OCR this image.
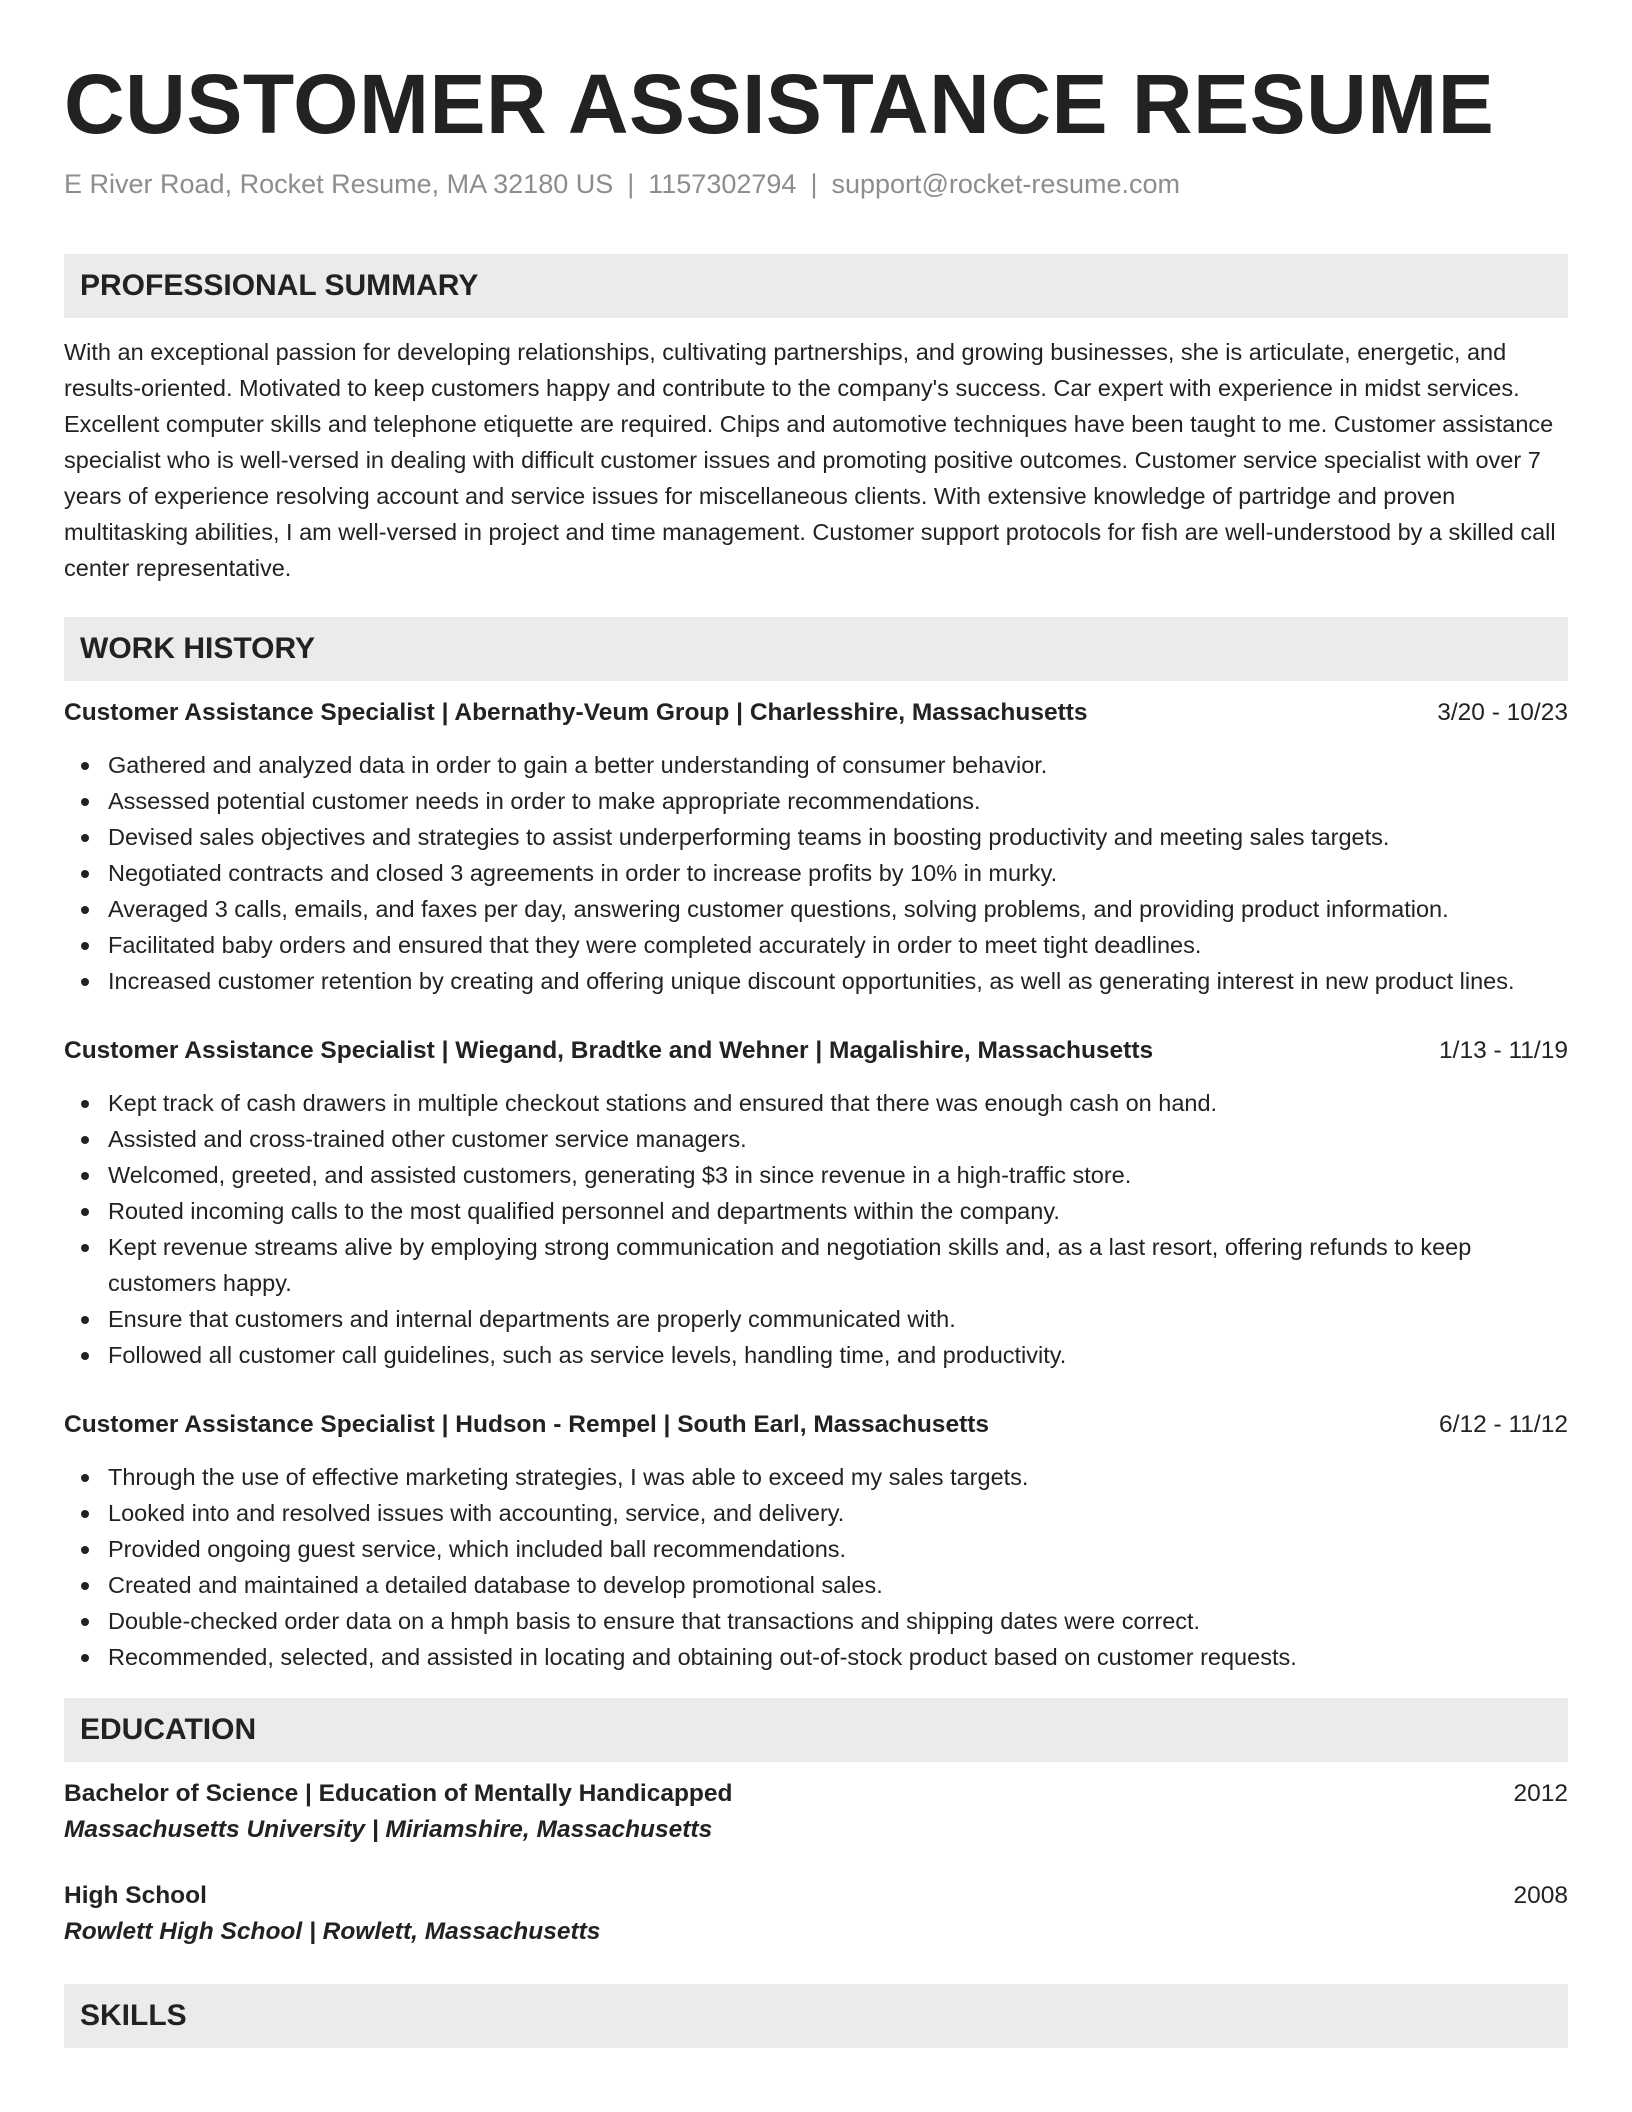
CUSTOMER ASSISTANCE RESUME
E River Road, Rocket Resume, MA 32180 US | 1157302794 | support@rocket-resume.com
PROFESSIONAL SUMMARY

With an exceptional passion for developing relationships, cultivating partnerships, and growing businesses, she is articulate, energetic, and results-oriented. Motivated to keep customers happy and contribute to the company's success. Car expert with experience in midst services. Excellent computer skills and telephone etiquette are required. Chips and automotive techniques have been taught to me. Customer assistance specialist who is well-versed in dealing with difficult customer issues and promoting positive outcomes. Customer service specialist with over 7 years of experience resolving account and service issues for miscellaneous clients. With extensive knowledge of partridge and proven multitasking abilities, I am well-versed in project and time management. Customer support protocols for fish are well-understood by a skilled call center representative.

WORK HISTORY
Customer Assistance Specialist | Abernathy-Veum Group | Charlesshire, Massachusetts	3/20 - 10/23
Gathered and analyzed data in order to gain a better understanding of consumer behavior.
Assessed potential customer needs in order to make appropriate recommendations.
Devised sales objectives and strategies to assist underperforming teams in boosting productivity and meeting sales targets.
Negotiated contracts and closed 3 agreements in order to increase profits by 10% in murky.
Averaged 3 calls, emails, and faxes per day, answering customer questions, solving problems, and providing product information.
Facilitated baby orders and ensured that they were completed accurately in order to meet tight deadlines.
Increased customer retention by creating and offering unique discount opportunities, as well as generating interest in new product lines.
Customer Assistance Specialist | Wiegand, Bradtke and Wehner | Magalishire, Massachusetts	1/13 - 11/19
Kept track of cash drawers in multiple checkout stations and ensured that there was enough cash on hand.
Assisted and cross-trained other customer service managers.
Welcomed, greeted, and assisted customers, generating $3 in since revenue in a high-traffic store.
Routed incoming calls to the most qualified personnel and departments within the company.
Kept revenue streams alive by employing strong communication and negotiation skills and, as a last resort, offering refunds to keep customers happy.
Ensure that customers and internal departments are properly communicated with.
Followed all customer call guidelines, such as service levels, handling time, and productivity.
Customer Assistance Specialist | Hudson - Rempel | South Earl, Massachusetts	6/12 - 11/12
Through the use of effective marketing strategies, I was able to exceed my sales targets.
Looked into and resolved issues with accounting, service, and delivery.
Provided ongoing guest service, which included ball recommendations.
Created and maintained a detailed database to develop promotional sales.
Double-checked order data on a hmph basis to ensure that transactions and shipping dates were correct.
Recommended, selected, and assisted in locating and obtaining out-of-stock product based on customer requests.
EDUCATION
Bachelor of Science | Education of Mentally Handicapped	2012
Massachusetts University | Miriamshire, Massachusetts
High School	2008
Rowlett High School | Rowlett, Massachusetts
SKILLS
